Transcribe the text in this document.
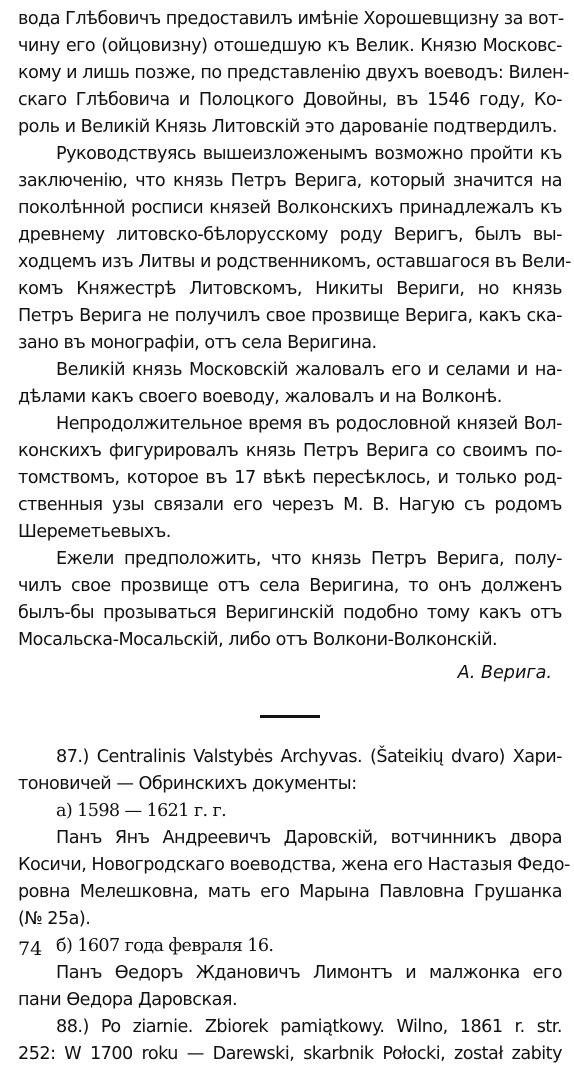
вода Глѣбовичъ предоставилъ имѣніе Хорошевщизну за вот-
чину его (ойцовизну) отошедшую къ Велик. Князю Московс-
кому и лишь позже, по представленію двухъ воеводъ: Вилен-
скаго Глѣбовича и Полоцкого Довойны, въ 1546 году, Ко-
роль и Великій Князь Литовскій это дарованіе подтвердилъ.
Руководствуясь вышеизложенымъ возможно пройти къ
заключенію, что князь Петръ Верига, который значится на
поколѣнной росписи князей Волконскихъ принадлежалъ къ
древнему литовско-бѣлорусскому роду Веригъ, былъ вы-
ходцемъ изъ Литвы и родственникомъ, оставшагося въ Вели-
комъ Княжестрѣ Литовскомъ, Никиты Вериги, но князь
Петръ Верига не получилъ свое прозвище Верига, какъ ска-
зано въ монографіи, отъ села Веригина.
Великій князь Московскій жаловалъ его и селами и на-
дѣлами какъ своего воеводу, жаловалъ и на Волконѣ.
Непродолжительное время въ родословной князей Вол-
конскихъ фигурировалъ князь Петръ Верига со своимъ по-
томствомъ, которое въ 17 вѣкѣ пересѣклось, и только род-
ственныя узы связали его черезъ М. В. Нагую съ родомъ
Шереметьевыхъ.
Ежели предположить, что князь Петръ Верига, полу-
чилъ свое прозвище отъ села Веригина, то онъ долженъ
былъ-бы прозываться Веригинскій подобно тому какъ отъ
Мосальска-Мосальскій, либо отъ Волкони-Волконскій.
А. Верига.
87.) Centralinis Valstybės Archyvas. (Šateikių dvaro) Хари-
тоновичей — Обринскихъ документы:
а) 1598 — 1621 г. г.
Панъ Янъ Андреевичъ Даровскій, вотчинникъ двора
Косичи, Новогродскаго воеводства, жена его Настазыя Федо-
ровна Мелешковна, мать его Марына Павловна Грушанка
(№ 25а).
б) 1607 года февраля 16.
Панъ Ѳедоръ Ждановичъ Лимонтъ и малжонка его
пани Ѳедора Даровская.
88.) Po ziarnie. Zbiorek pamiątkowy. Wilno, 1861 r. str.
252: W 1700 roku — Darewski, skarbnik Połocki, został zabity
74
